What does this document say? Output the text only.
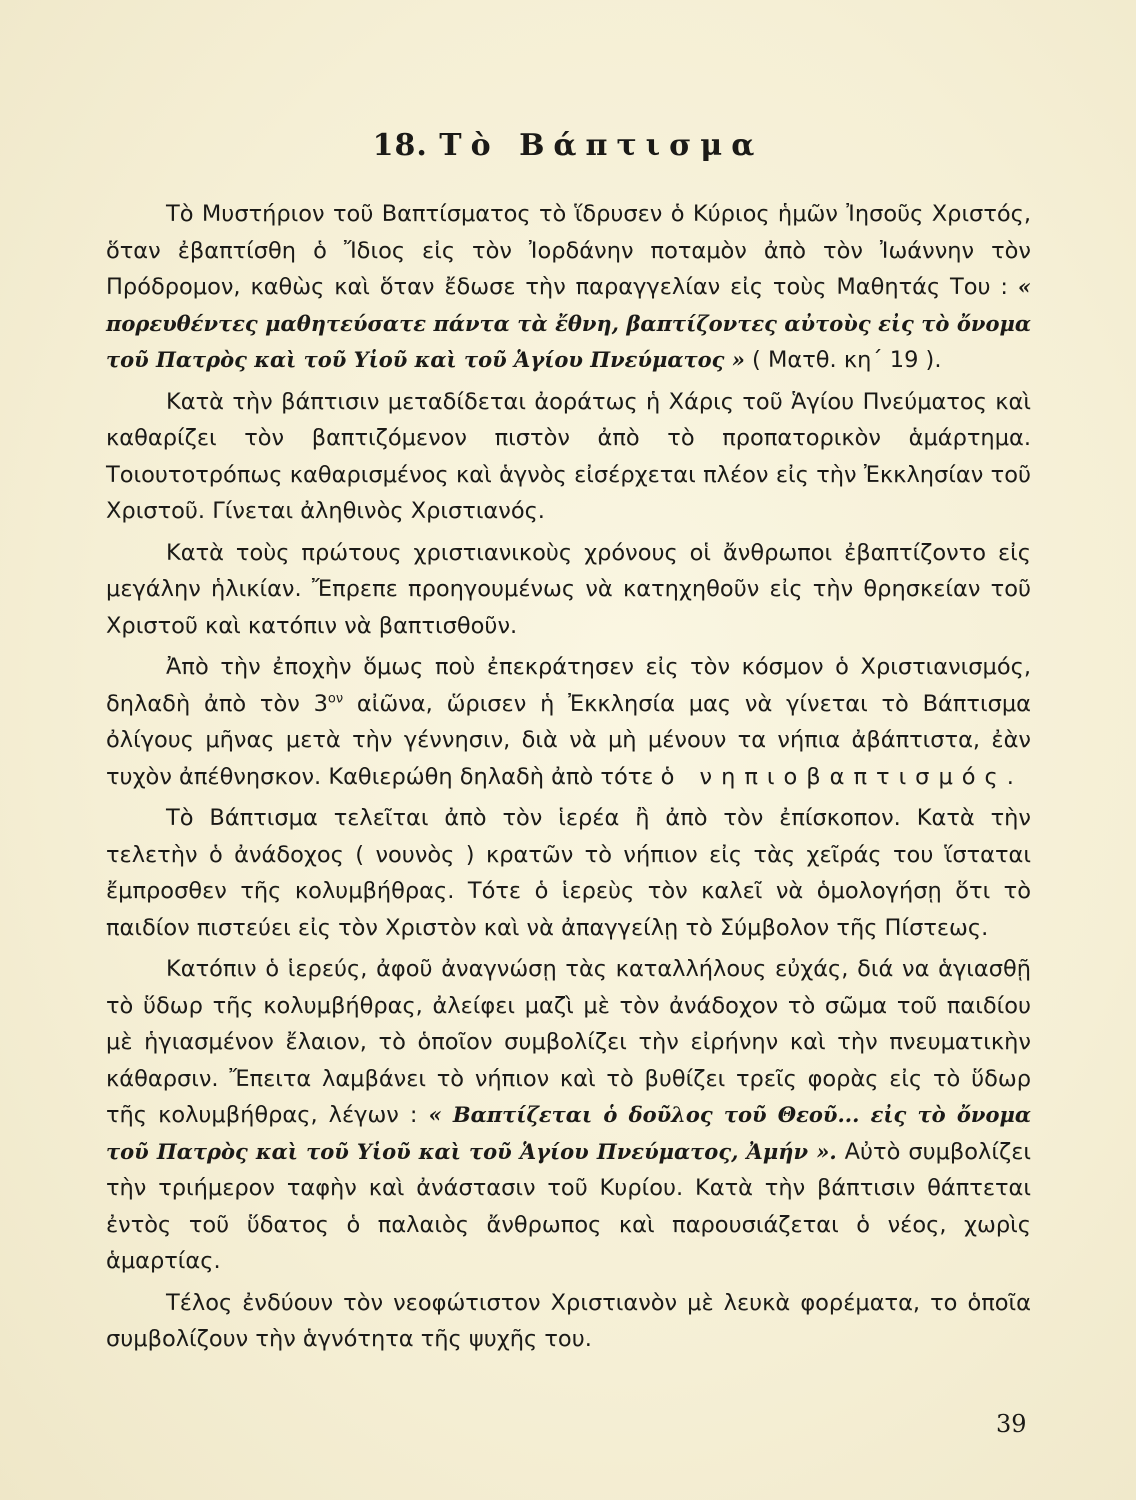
18. Τὸ Βάπτισμα

Τὸ Μυστήριον τοῦ Βαπτίσματος τὸ ἵδρυσεν ὁ Κύριος ἡμῶν Ἰησοῦς Χριστός, ὅταν ἐβαπτίσθη ὁ Ἴδιος εἰς τὸν Ἰορδάνην ποταμὸν ἀπὸ τὸν Ἰωάννην τὸν Πρόδρομον, καθὼς καὶ ὅταν ἔδωσε τὴν παραγγελίαν εἰς τοὺς Μαθητάς Του : « πορευθέντες μαθητεύσατε πάντα τὰ ἔθνη, βαπτίζοντες αὐτοὺς εἰς τὸ ὄνομα τοῦ Πατρὸς καὶ τοῦ Υἱοῦ καὶ τοῦ Ἁγίου Πνεύματος » ( Ματθ. κη΄ 19 ).

Κατὰ τὴν βάπτισιν μεταδίδεται ἀοράτως ἡ Χάρις τοῦ Ἁγίου Πνεύματος καὶ καθαρίζει τὸν βαπτιζόμενον πιστὸν ἀπὸ τὸ προπατορικὸν ἁμάρτημα. Τοιουτοτρόπως καθαρισμένος καὶ ἁγνὸς εἰσέρχεται πλέον εἰς τὴν Ἐκκλησίαν τοῦ Χριστοῦ. Γίνεται ἀληθινὸς Χριστιανός.

Κατὰ τοὺς πρώτους χριστιανικοὺς χρόνους οἱ ἄνθρωποι ἐβαπτίζοντο εἰς μεγάλην ἡλικίαν. Ἔπρεπε προηγουμένως νὰ κατηχηθοῦν εἰς τὴν θρησκείαν τοῦ Χριστοῦ καὶ κατόπιν νὰ βαπτισθοῦν.

Ἀπὸ τὴν ἐποχὴν ὅμως ποὺ ἐπεκράτησεν εἰς τὸν κόσμον ὁ Χριστιανισμός, δηλαδὴ ἀπὸ τὸν $3^{o\nu}$ αἰῶνα, ὥρισεν ἡ Ἐκκλησία μας νὰ γίνεται τὸ Βάπτισμα ὀλίγους μῆνας μετὰ τὴν γέννησιν, διὰ νὰ μὴ μένουν τα νήπια ἀβάπτιστα, ἐὰν τυχὸν ἀπέθνησκον. Καθιερώθη δηλαδὴ ἀπὸ τότε ὁ νηπιοβαπτισμός.

Τὸ Βάπτισμα τελεῖται ἀπὸ τὸν ἱερέα ἢ ἀπὸ τὸν ἐπίσκοπον. Κατὰ τὴν τελετὴν ὁ ἀνάδοχος ( νουνὸς ) κρατῶν τὸ νήπιον εἰς τὰς χεῖράς του ἵσταται ἔμπροσθεν τῆς κολυμβήθρας. Τότε ὁ ἱερεὺς τὸν καλεῖ νὰ ὁμολογήσῃ ὅτι τὸ παιδίον πιστεύει εἰς τὸν Χριστὸν καὶ νὰ ἀπαγγείλῃ τὸ Σύμβολον τῆς Πίστεως.

Κατόπιν ὁ ἱερεύς, ἀφοῦ ἀναγνώσῃ τὰς καταλλήλους εὐχάς, διά να ἁγιασθῇ τὸ ὕδωρ τῆς κολυμβήθρας, ἀλείφει μαζὶ μὲ τὸν ἀνάδοχον τὸ σῶμα τοῦ παιδίου μὲ ἡγιασμένον ἔλαιον, τὸ ὁποῖον συμβολίζει τὴν εἰρήνην καὶ τὴν πνευματικὴν κάθαρσιν. Ἔπειτα λαμβάνει τὸ νήπιον καὶ τὸ βυθίζει τρεῖς φορὰς εἰς τὸ ὕδωρ τῆς κολυμβήθρας, λέγων : « Βαπτίζεται ὁ δοῦλος τοῦ Θεοῦ... εἰς τὸ ὄνομα τοῦ Πατρὸς καὶ τοῦ Υἱοῦ καὶ τοῦ Ἁγίου Πνεύματος, Ἀμήν ». Αὐτὸ συμβολίζει τὴν τριήμερον ταφὴν καὶ ἀνάστασιν τοῦ Κυρίου. Κατὰ τὴν βάπτισιν θάπτεται ἐντὸς τοῦ ὕδατος ὁ παλαιὸς ἄνθρωπος καὶ παρουσιάζεται ὁ νέος, χωρὶς ἁμαρτίας.

Τέλος ἐνδύουν τὸν νεοφώτιστον Χριστιανὸν μὲ λευκὰ φορέματα, το ὁποῖα συμβολίζουν τὴν ἁγνότητα τῆς ψυχῆς του.

39
